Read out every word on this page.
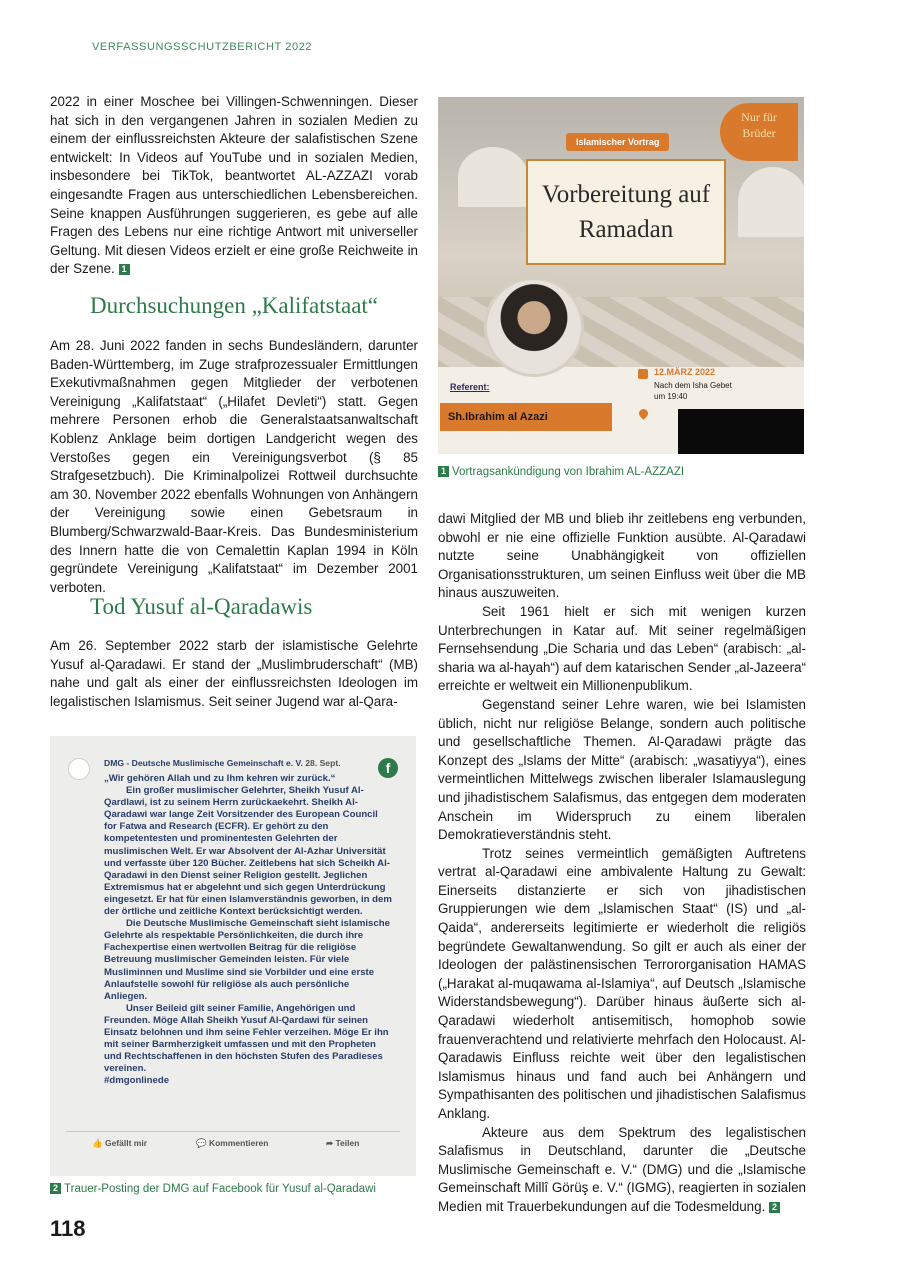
VERFASSUNGSSCHUTZBERICHT 2022

2022 in einer Moschee bei Villingen-Schwenningen. Dieser hat sich in den vergangenen Jahren in sozialen Medien zu einem der einflussreichsten Akteure der salafistischen Szene entwickelt: In Videos auf YouTube und in sozialen Medien, insbesondere bei TikTok, beantwortet AL-AZZAZI vorab eingesandte Fragen aus unterschiedlichen Lebensbereichen. Seine knappen Ausführungen suggerieren, es gebe auf alle Fragen des Lebens nur eine richtige Antwort mit universeller Geltung. Mit diesen Videos erzielt er eine große Reichweite in der Szene. 1

Durchsuchungen „Kalifatstaat“

Am 28. Juni 2022 fanden in sechs Bundesländern, darunter Baden-Württemberg, im Zuge strafprozessualer Ermittlungen Exekutivmaßnahmen gegen Mitglieder der verbotenen Vereinigung „Kalifatstaat“ („Hilafet Devleti“) statt. Gegen mehrere Personen erhob die Generalstaatsanwaltschaft Koblenz Anklage beim dortigen Landgericht wegen des Verstoßes gegen ein Vereinigungsverbot (§ 85 Strafgesetzbuch). Die Kriminalpolizei Rottweil durchsuchte am 30. November 2022 ebenfalls Wohnungen von Anhängern der Vereinigung sowie einen Gebetsraum in Blumberg/Schwarzwald-Baar-Kreis. Das Bundesministerium des Innern hatte die von Cemalettin Kaplan 1994 in Köln gegründete Vereinigung „Kalifatstaat“ im Dezember 2001 verboten.

Tod Yusuf al-Qaradawis

Am 26. September 2022 starb der islamistische Gelehrte Yusuf al-Qaradawi. Er stand der „Muslimbruderschaft“ (MB) nahe und galt als einer der einflussreichsten Ideologen im legalistischen Islamismus. Seit seiner Jugend war al-Qara-

Islamischer Vortrag
Vorbereitung auf
Ramadan
Nur für
Brüder
Referent:
Sh.Ibrahim al Azazi
12.MÄRZ 2022
Nach dem Isha Gebet
um 19:40
1 Vortragsankündigung von Ibrahim AL-AZZAZI

dawi Mitglied der MB und blieb ihr zeitlebens eng verbunden, obwohl er nie eine offizielle Funktion ausübte. Al-Qaradawi nutzte seine Unabhängigkeit von offiziellen Organisationsstrukturen, um seinen Einfluss weit über die MB hinaus auszuweiten.

Seit 1961 hielt er sich mit wenigen kurzen Unterbrechungen in Katar auf. Mit seiner regelmäßigen Fernsehsendung „Die Scharia und das Leben“ (arabisch: „al-sharia wa al-hayah“) auf dem katarischen Sender „al-Jazeera“ erreichte er weltweit ein Millionenpublikum.

Gegenstand seiner Lehre waren, wie bei Islamisten üblich, nicht nur religiöse Belange, sondern auch politische und gesellschaftliche Themen. Al-Qaradawi prägte das Konzept des „Islams der Mitte“ (arabisch: „wasatiyya“), eines vermeintlichen Mittelwegs zwischen liberaler Islamauslegung und jihadistischem Salafismus, das entgegen dem moderaten Anschein im Widerspruch zu einem liberalen Demokratieverständnis steht.

Trotz seines vermeintlich gemäßigten Auftretens vertrat al-Qaradawi eine ambivalente Haltung zu Gewalt: Einerseits distanzierte er sich von jihadistischen Gruppierungen wie dem „Islamischen Staat“ (IS) und „al-Qaida“, andererseits legitimierte er wiederholt die religiös begründete Gewaltanwendung. So gilt er auch als einer der Ideologen der palästinensischen Terrororganisation HAMAS („Harakat al-muqawama al-Islamiya“, auf Deutsch „Islamische Widerstandsbewegung“). Darüber hinaus äußerte sich al-Qaradawi wiederholt antisemitisch, homophob sowie frauenverachtend und relativierte mehrfach den Holocaust. Al-Qaradawis Einfluss reichte weit über den legalistischen Islamismus hinaus und fand auch bei Anhängern und Sympathisanten des politischen und jihadistischen Salafismus Anklang.

Akteure aus dem Spektrum des legalistischen Salafismus in Deutschland, darunter die „Deutsche Muslimische Gemeinschaft e. V.“ (DMG) und die „Islamische Gemeinschaft Millî Görüş e. V.“ (IGMG), reagierten in sozialen Medien mit Trauerbekundungen auf die Todesmeldung. 2

DMG - Deutsche Muslimische Gemeinschaft e. V. 28. Sept.	f

„Wir gehören Allah und zu Ihm kehren wir zurück.“

Ein großer muslimischer Gelehrter, Sheikh Yusuf Al-Qardlawi, ist zu seinem Herrn zurückaekehrt. Sheikh Al-Qaradawi war lange Zeit Vorsitzender des European Council for Fatwa and Research (ECFR). Er gehört zu den kompetentesten und prominentesten Gelehrten der muslimischen Welt. Er war Absolvent der Al-Azhar Universität und verfasste über 120 Bücher. Zeitlebens hat sich Scheikh Al-Qaradawi in den Dienst seiner Religion gestellt. Jeglichen Extremismus hat er abgelehnt und sich gegen Unterdrückung eingesetzt. Er hat für einen Islamverständnis geworben, in dem der örtliche und zeitliche Kontext berücksichtigt werden.

Die Deutsche Muslimische Gemeinschaft sieht islamische Gelehrte als respektable Persönlichkeiten, die durch ihre Fachexpertise einen wertvollen Beitrag für die religiöse Betreuung muslimischer Gemeinden leisten. Für viele Musliminnen und Muslime sind sie Vorbilder und eine erste Anlaufstelle sowohl für religiöse als auch persönliche Anliegen.

Unser Beileid gilt seiner Familie, Angehörigen und Freunden. Möge Allah Sheikh Yusuf Al-Qardawi für seinen Einsatz belohnen und ihm seine Fehler verzeihen. Möge Er ihn mit seiner Barmherzigkeit umfassen und mit den Propheten und Rechtschaffenen in den höchsten Stufen des Paradieses vereinen.

#dmgonlinede

👍 Gefällt mir	💬 Kommentieren	➦ Teilen
2 Trauer-Posting der DMG auf Facebook für Yusuf al-Qaradawi
118
